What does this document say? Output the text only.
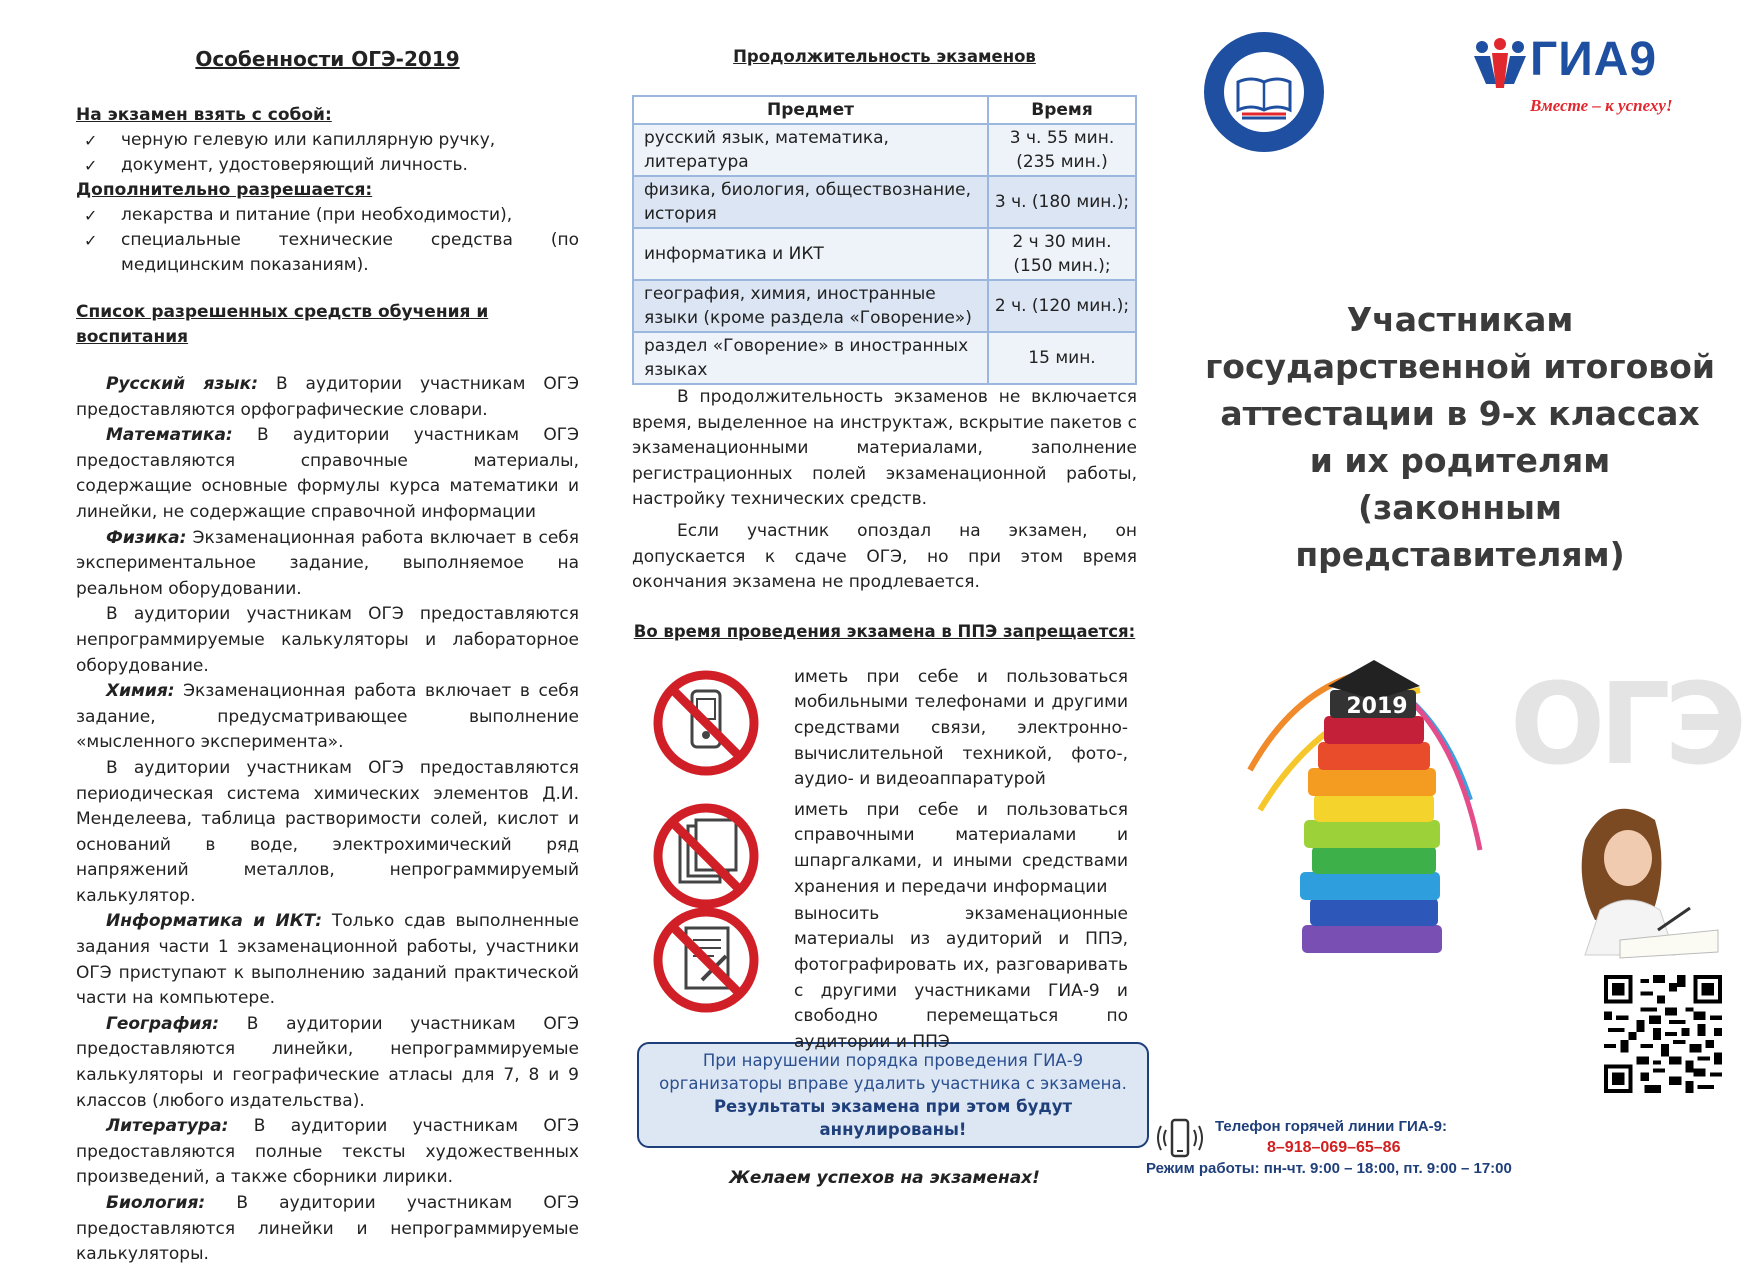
Особенности ОГЭ-2019
На экзамен взять с собой:
✓	черную гелевую или капиллярную ручку,
✓	документ, удостоверяющий личность.
Дополнительно разрешается:
✓	лекарства и питание (при необходимости),
✓	специальные технические средства (по медицинским показаниям).
Список разрешенных средств обучения и воспитания

Русский язык: В аудитории участникам ОГЭ предоставляются орфографические словари.

Математика: В аудитории участникам ОГЭ предоставляются справочные материалы, содержащие основные формулы курса математики и линейки, не содержащие справочной информации

Физика: Экзаменационная работа включает в себя экспериментальное задание, выполняемое на реальном оборудовании.

В аудитории участникам ОГЭ предоставляются непрограммируемые калькуляторы и лабораторное оборудование.

Химия: Экзаменационная работа включает в себя задание, предусматривающее выполнение «мысленного эксперимента».

В аудитории участникам ОГЭ предоставляются периодическая система химических элементов Д.И. Менделеева, таблица растворимости солей, кислот и оснований в воде, электрохимический ряд напряжений металлов, непрограммируемый калькулятор.

Информатика и ИКТ: Только сдав выполненные задания части 1 экзаменационной работы, участники ОГЭ приступают к выполнению заданий практической части на компьютере.

География: В аудитории участникам ОГЭ предоставляются линейки, непрограммируемые калькуляторы и географические атласы для 7, 8 и 9 классов (любого издательства).

Литература: В аудитории участникам ОГЭ предоставляются полные тексты художественных произведений, а также сборники лирики.

Биология: В аудитории участникам ОГЭ предоставляются линейки и непрограммируемые калькуляторы.

Продолжительность экзаменов
Предмет	Время
русский язык, математика, литература	3 ч. 55 мин. (235 мин.)
физика, биология, обществознание, история	3 ч. (180 мин.);
информатика и ИКТ	2 ч 30 мин. (150 мин.);
география, химия, иностранные языки (кроме раздела «Говорение»)	2 ч. (120 мин.);
раздел «Говорение» в иностранных языках	15 мин.

В продолжительность экзаменов не включается время, выделенное на инструктаж, вскрытие пакетов с экзаменационными материалами, заполнение регистрационных полей экзаменационной работы, настройку технических средств.

Если участник опоздал на экзамен, он допускается к сдаче ОГЭ, но при этом время окончания экзамена не продлевается.

Во время проведения экзамена в ППЭ запрещается:
иметь при себе и пользоваться мобильными телефонами и другими средствами связи, электронно-вычислительной техникой, фото-, аудио- и видеоаппаратурой
иметь при себе и пользоваться справочными материалами и шпаргалками, и иными средствами хранения и передачи информации
выносить экзаменационные материалы из аудиторий и ППЭ, фотографировать их, разговаривать с другими участниками ГИА-9 и свободно перемещаться по аудитории и ППЭ
При нарушении порядка проведения ГИА-9 организаторы вправе удалить участника с экзамена.
Результаты экзамена при этом будут аннулированы!
Желаем успехов на экзаменах!
ГИА9
Вместе – к успеху!
Участникам
государственной итоговой
аттестации в 9-х классах
и их родителям
(законным представителям)
2019 ОГЭ
Телефон горячей линии ГИА-9:
8–918–069–65–86
Режим работы: пн-чт. 9:00 – 18:00, пт. 9:00 – 17:00
